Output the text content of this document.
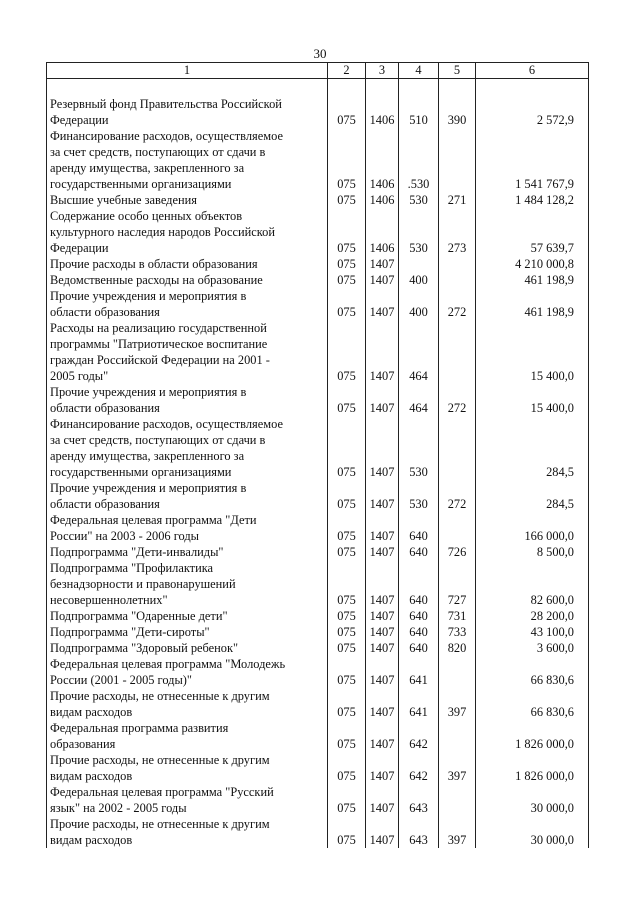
30
1	2	3	4	5	6

Резервный фонд Правительства Российской
Федерации	075	1406	510	390	2 572,9

Финансирование расходов, осуществляемое
за счет средств, поступающих от сдачи в
аренду имущества, закрепленного за
государственными организациями	075	1406	.530		1 541 767,9

Высшие учебные заведения	075	1406	530	271	1 484 128,2

Содержание особо ценных объектов
культурного наследия народов Российской
Федерации	075	1406	530	273	57 639,7

Прочие расходы в области образования	075	1407			4 210 000,8

Ведомственные расходы на образование	075	1407	400		461 198,9

Прочие учреждения и мероприятия в
области образования	075	1407	400	272	461 198,9

Расходы на реализацию государственной
программы "Патриотическое воспитание
граждан Российской Федерации на 2001 -
2005 годы"	075	1407	464		15 400,0

Прочие учреждения и мероприятия в
области образования	075	1407	464	272	15 400,0

Финансирование расходов, осуществляемое
за счет средств, поступающих от сдачи в
аренду имущества, закрепленного за
государственными организациями	075	1407	530		284,5

Прочие учреждения и мероприятия в
области образования	075	1407	530	272	284,5

Федеральная целевая программа "Дети
России" на 2003 - 2006 годы	075	1407	640		166 000,0

Подпрограмма "Дети-инвалиды"	075	1407	640	726	8 500,0

Подпрограмма "Профилактика
безнадзорности и правонарушений
несовершеннолетних"	075	1407	640	727	82 600,0

Подпрограмма "Одаренные дети"	075	1407	640	731	28 200,0

Подпрограмма "Дети-сироты"	075	1407	640	733	43 100,0

Подпрограмма "Здоровый ребенок"	075	1407	640	820	3 600,0

Федеральная целевая программа "Молодежь
России (2001 - 2005 годы)"	075	1407	641		66 830,6

Прочие расходы, не отнесенные к другим
видам расходов	075	1407	641	397	66 830,6

Федеральная программа развития
образования	075	1407	642		1 826 000,0

Прочие расходы, не отнесенные к другим
видам расходов	075	1407	642	397	1 826 000,0

Федеральная целевая программа "Русский
язык" на 2002 - 2005 годы	075	1407	643		30 000,0

Прочие расходы, не отнесенные к другим
видам расходов	075	1407	643	397	30 000,0
